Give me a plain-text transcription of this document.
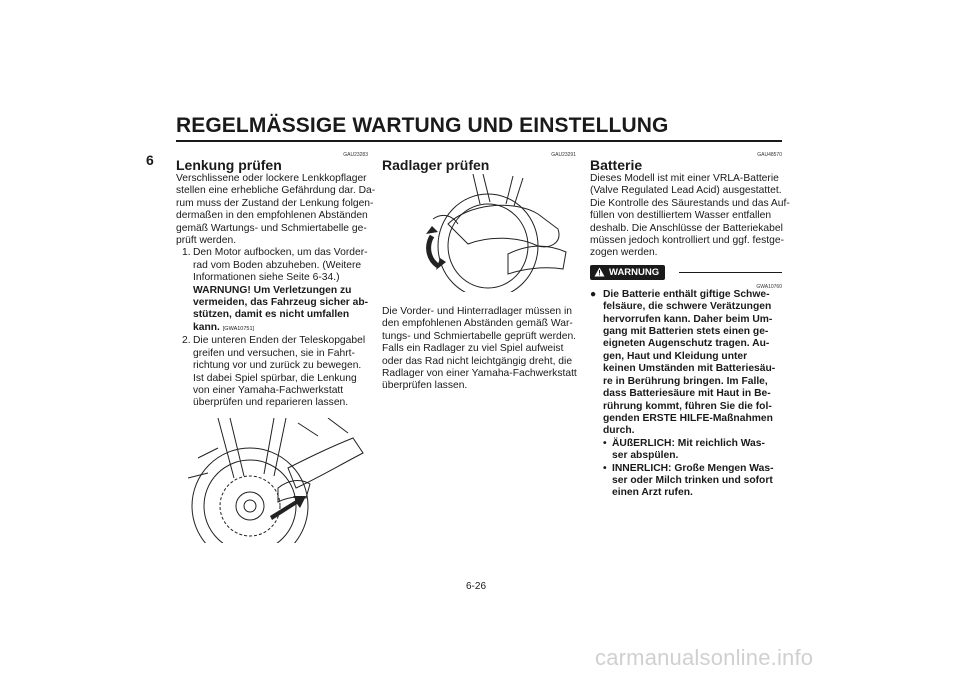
REGELMÄSSIGE WARTUNG UND EINSTELLUNG
6	GAU23283
Lenkung prüfen
Verschlissene oder lockere Lenkkopflager
stellen eine erhebliche Gefährdung dar. Da-
rum muss der Zustand der Lenkung folgen-
dermaßen in den empfohlenen Abständen
gemäß Wartungs- und Schmiertabelle ge-
prüft werden.
1. Den Motor aufbocken, um das Vorder-
rad vom Boden abzuheben. (Weitere
Informationen siehe Seite 6-34.)
WARNUNG! Um Verletzungen zu
vermeiden, das Fahrzeug sicher ab-
stützen, damit es nicht umfallen
kann. [GWA10751]
2. Die unteren Enden der Teleskopgabel
greifen und versuchen, sie in Fahrt-
richtung vor und zurück zu bewegen.
Ist dabei Spiel spürbar, die Lenkung
von einer Yamaha-Fachwerkstatt
überprüfen und reparieren lassen.
GAU23291
Radlager prüfen
Die Vorder- und Hinterradlager müssen in
den empfohlenen Abständen gemäß War-
tungs- und Schmiertabelle geprüft werden.
Falls ein Radlager zu viel Spiel aufweist
oder das Rad nicht leichtgängig dreht, die
Radlager von einer Yamaha-Fachwerkstatt
überprüfen lassen.
GAU48570
Batterie
Dieses Modell ist mit einer VRLA-Batterie
(Valve Regulated Lead Acid) ausgestattet.
Die Kontrolle des Säurestands und das Auf-
füllen von destilliertem Wasser entfallen
deshalb. Die Anschlüsse der Batteriekabel
müssen jedoch kontrolliert und ggf. festge-
zogen werden.
WARNUNG
GWA10760
● Die Batterie enthält giftige Schwe-
felsäure, die schwere Verätzungen
hervorrufen kann. Daher beim Um-
gang mit Batterien stets einen ge-
eigneten Augenschutz tragen. Au-
gen, Haut und Kleidung unter
keinen Umständen mit Batteriesäu-
re in Berührung bringen. Im Falle,
dass Batteriesäure mit Haut in Be-
rührung kommt, führen Sie die fol-
genden ERSTE HILFE-Maßnahmen
durch.
• ÄUßERLICH: Mit reichlich Was-
ser abspülen.
• INNERLICH: Große Mengen Was-
ser oder Milch trinken und sofort
einen Arzt rufen.
6-26
carmanualsonline.info
